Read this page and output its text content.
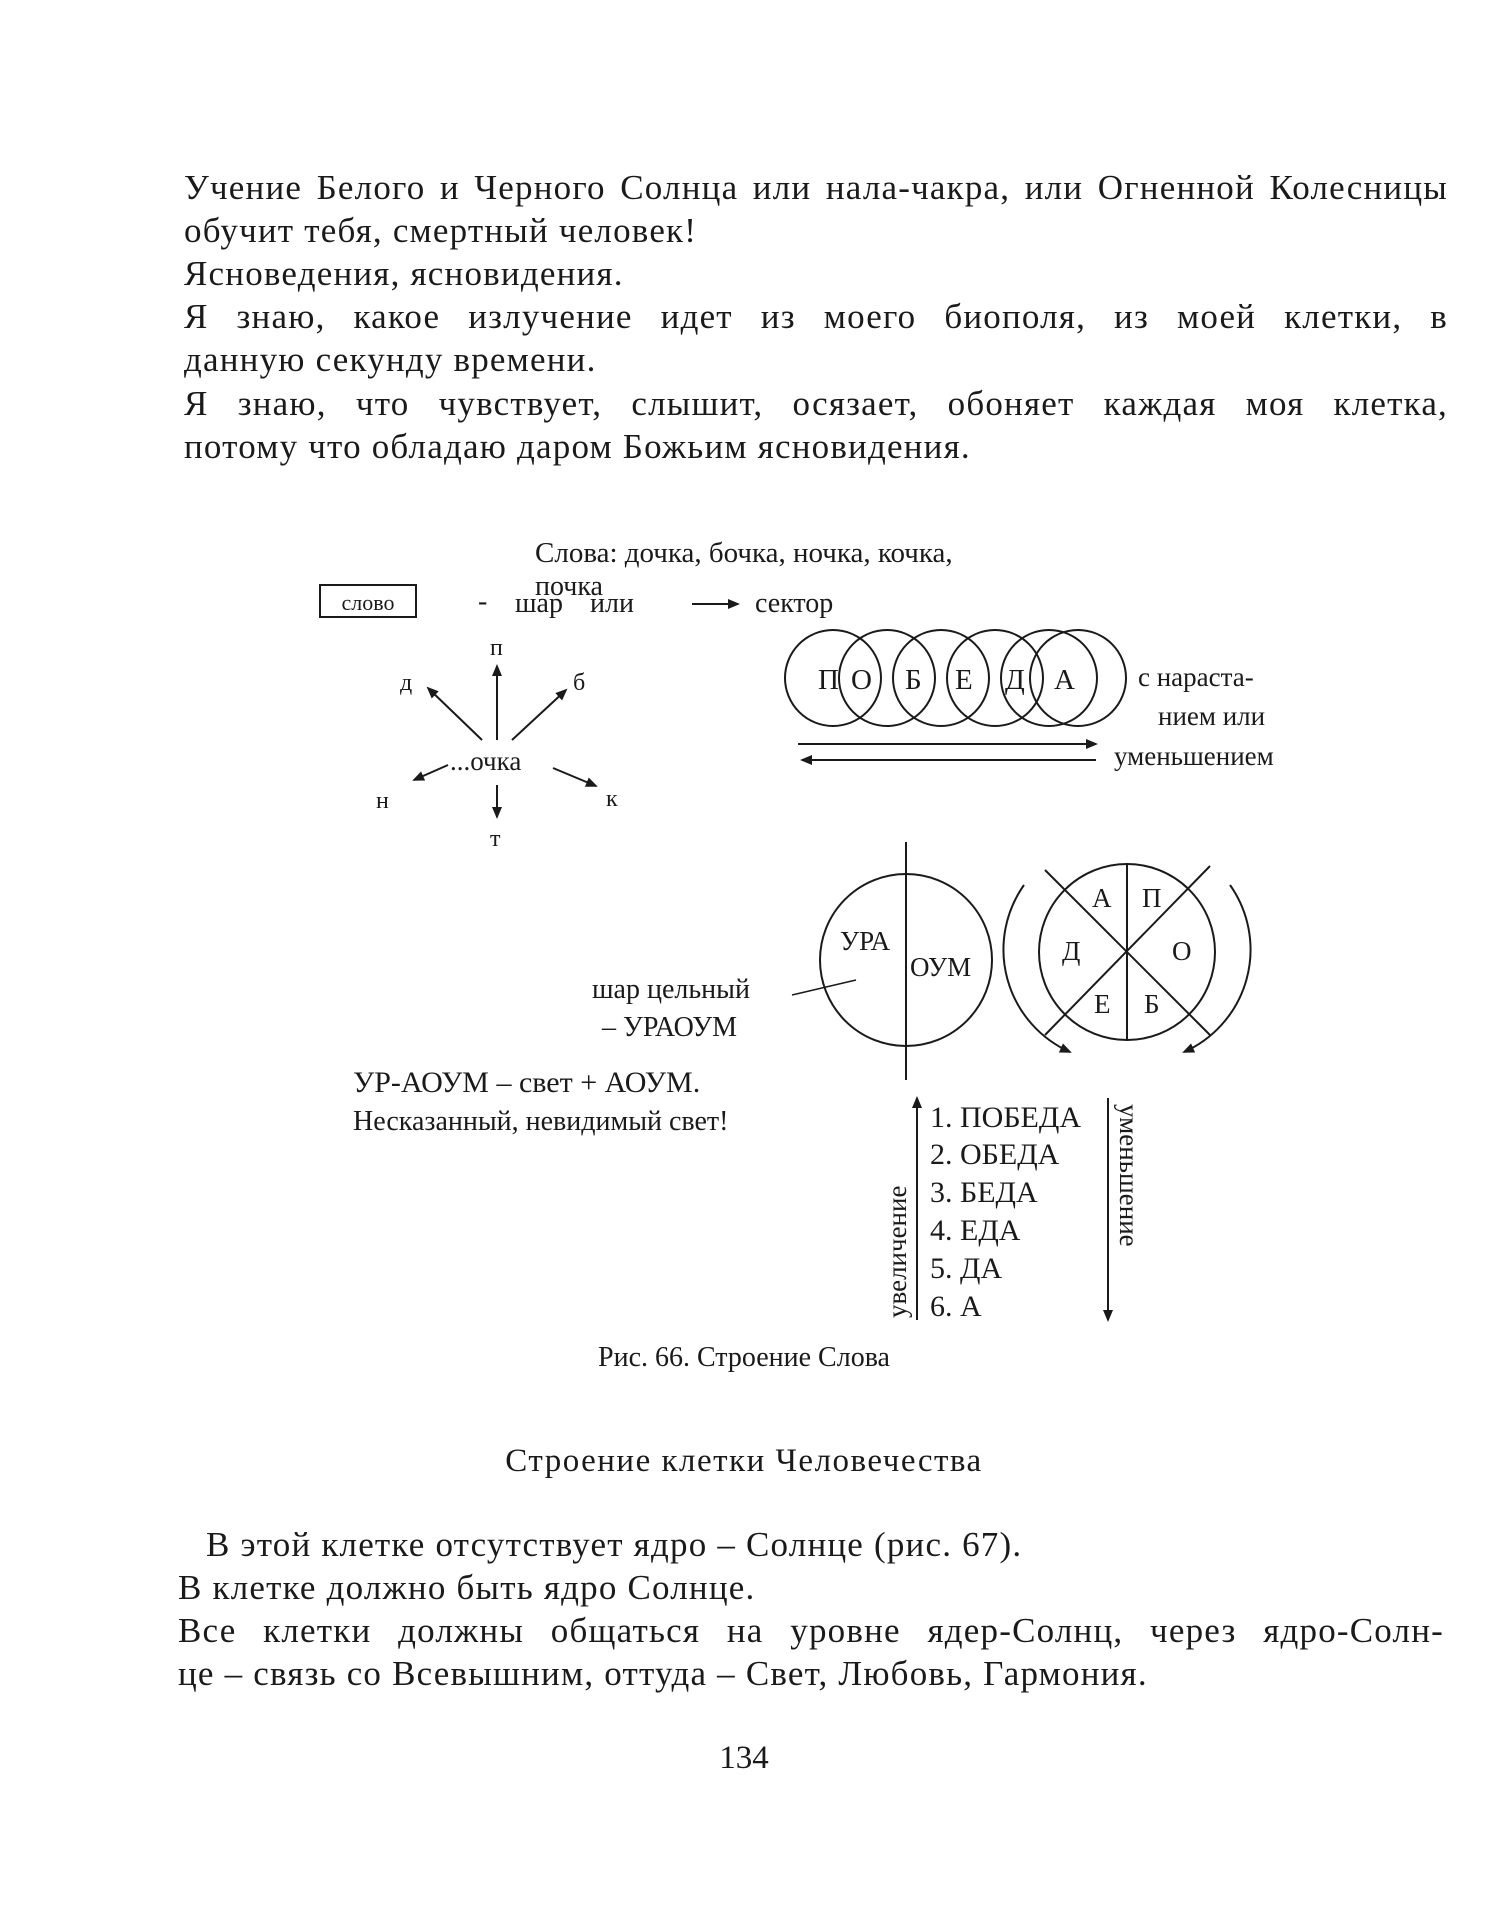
Учение Белого и Черного Солнца или нала-чакра, или Огненной Колесницы
обучит тебя, смертный человек!
Ясноведения, ясновидения.
Я знаю, какое излучение идет из моего биополя, из моей клетки, в
данную секунду времени.
Я знаю, что чувствует, слышит, осязает, обоняет каждая моя клетка,
потому что обладаю даром Божьим ясновидения.
Слова: дочка, бочка, ночка, кочка,
почка
слово	- шар или	сектор
...очка
п
д	б
н	к
т
П О Б Е Д А с нараста-
нием или
уменьшением
УРА
ОУМ
шар цельный
– УРАОУМ
А П
Д	О
Е Б
УР-АОУМ – свет + АОУМ.
Несказанный, невидимый свет!	1. ПОБЕДА
2. ОБЕДА
3. БЕДА
4. ЕДА
5. ДА
6. А
увеличение
уменьшение
Рис. 66. Строение Слова
Строение клетки Человечества
В этой клетке отсутствует ядро – Солнце (рис. 67).
В клетке должно быть ядро Солнце.
Все клетки должны общаться на уровне ядер-Солнц, через ядро-Солн-
це – связь со Всевышним, оттуда – Свет, Любовь, Гармония.
134
